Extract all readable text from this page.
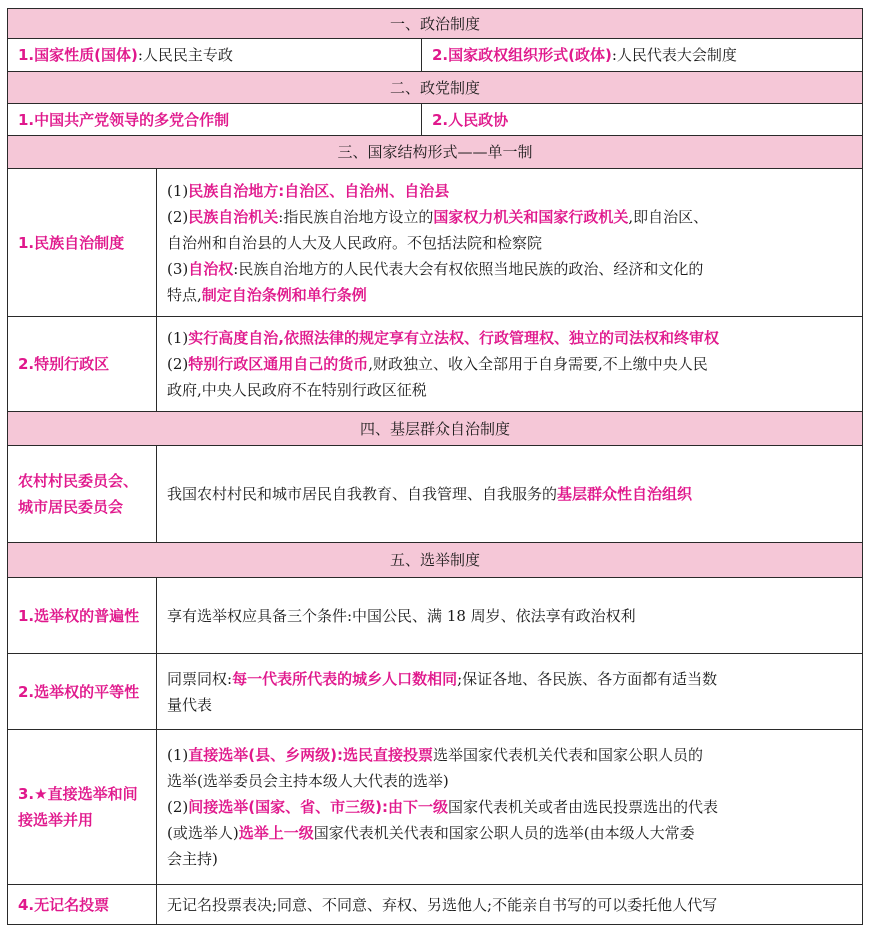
一、政治制度		
1.国家性质(国体):人民民主专政		2.国家政权组织形式(政体):人民代表大会制度
二、政党制度		
1.中国共产党领导的多党合作制		2.人民政协
三、国家结构形式——单一制		
1.民族自治制度	(1)民族自治地方:自治区、自治州、自治县
(2)民族自治机关:指民族自治地方设立的国家权力机关和国家行政机关,即自治区、
自治州和自治县的人大及人民政府。不包括法院和检察院
(3)自治权:民族自治地方的人民代表大会有权依照当地民族的政治、经济和文化的
特点,制定自治条例和单行条例	

2.特别行政区	(1)实行高度自治,依照法律的规定享有立法权、行政管理权、独立的司法权和终审权
(2)特别行政区通用自己的货币,财政独立、收入全部用于自身需要,不上缴中央人民
政府,中央人民政府不在特别行政区征税	

四、基层群众自治制度		
农村村民委员会、城市居民委员会	我国农村村民和城市居民自我教育、自我管理、自我服务的基层群众性自治组织	
五、选举制度		
1.选举权的普遍性	享有选举权应具备三个条件:中国公民、满 18 周岁、依法享有政治权利	
2.选举权的平等性	同票同权:每一代表所代表的城乡人口数相同;保证各地、各民族、各方面都有适当数
量代表	

3.★直接选举和间接选举并用	(1)直接选举(县、乡两级):选民直接投票选举国家代表机关代表和国家公职人员的
选举(选举委员会主持本级人大代表的选举)
(2)间接选举(国家、省、市三级):由下一级国家代表机关或者由选民投票选出的代表
(或选举人)选举上一级国家代表机关代表和国家公职人员的选举(由本级人大常委
会主持)	

4.无记名投票	无记名投票表决;同意、不同意、弃权、另选他人;不能亲自书写的可以委托他人代写	
